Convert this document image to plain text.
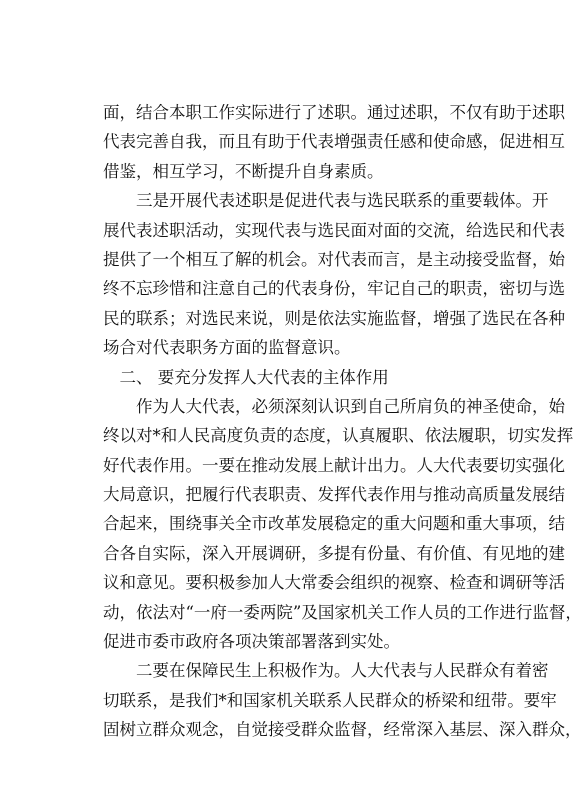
面，结合本职工作实际进行了述职。通过述职，不仅有助于述职
代表完善自我，而且有助于代表增强责任感和使命感，促进相互
借鉴，相互学习，不断提升自身素质。
三是开展代表述职是促进代表与选民联系的重要载体。开
展代表述职活动，实现代表与选民面对面的交流，给选民和代表
提供了一个相互了解的机会。对代表而言，是主动接受监督，始
终不忘珍惜和注意自己的代表身份，牢记自己的职责，密切与选
民的联系；对选民来说，则是依法实施监督，增强了选民在各种
场合对代表职务方面的监督意识。
二、 要充分发挥人大代表的主体作用
作为人大代表，必须深刻认识到自己所肩负的神圣使命，始
终以对*和人民高度负责的态度，认真履职、依法履职，切实发挥
好代表作用。一要在推动发展上献计出力。人大代表要切实强化
大局意识，把履行代表职责、发挥代表作用与推动高质量发展结
合起来，围绕事关全市改革发展稳定的重大问题和重大事项，结
合各自实际，深入开展调研，多提有份量、有价值、有见地的建
议和意见。要积极参加人大常委会组织的视察、检查和调研等活
动，依法对“一府一委两院”及国家机关工作人员的工作进行监督，
促进市委市政府各项决策部署落到实处。
二要在保障民生上积极作为。人大代表与人民群众有着密
切联系，是我们*和国家机关联系人民群众的桥梁和纽带。要牢
固树立群众观念，自觉接受群众监督，经常深入基层、深入群众，
